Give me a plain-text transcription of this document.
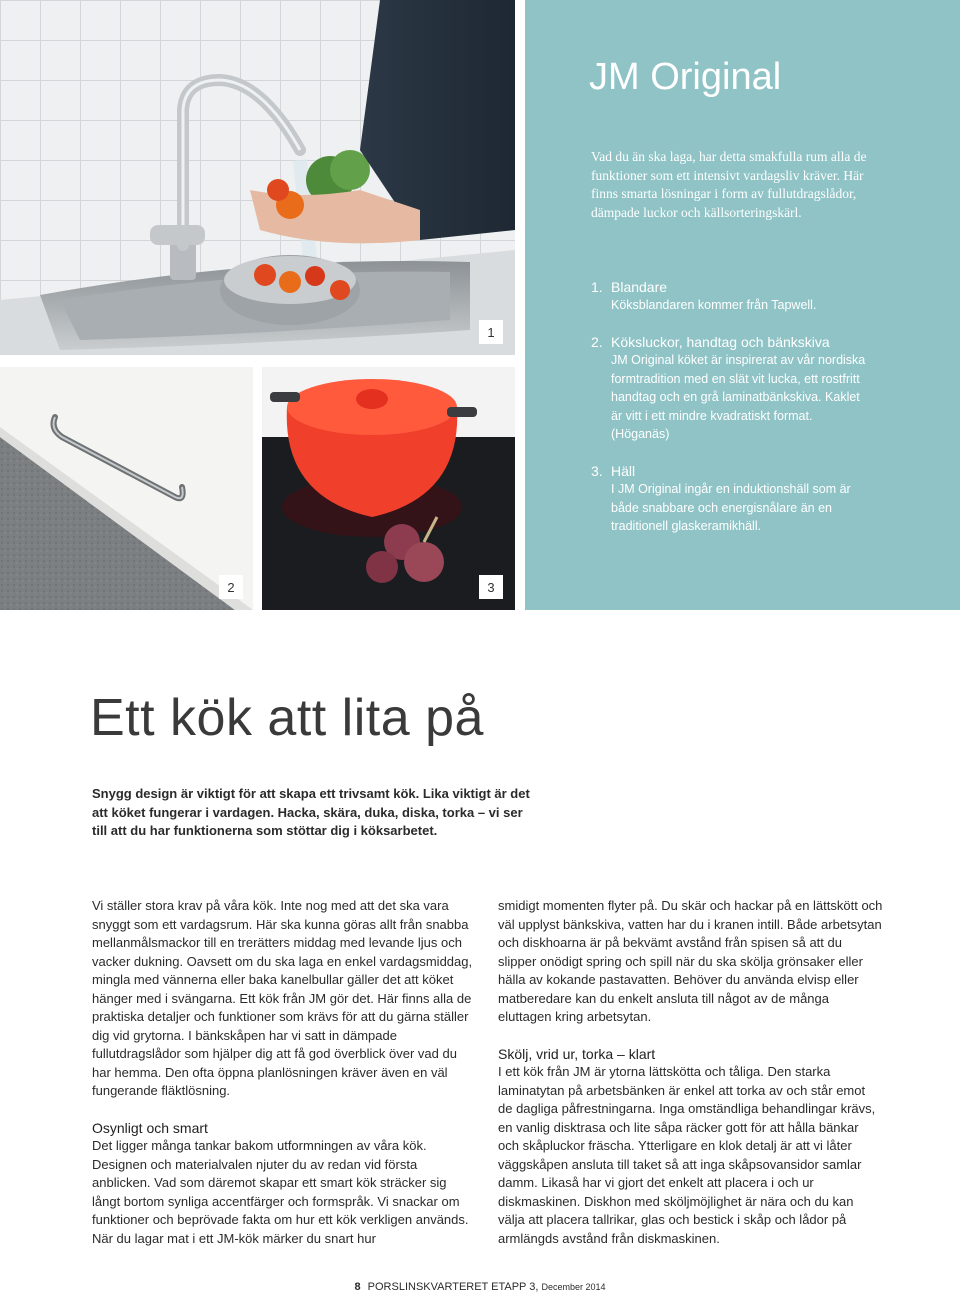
1
2	3
JM Original

Vad du än ska laga, har detta smakfulla rum alla de funktioner som ett intensivt vardagsliv kräver. Här finns smarta lösningar i form av fullutdragslådor, dämpade luckor och källsorteringskärl.

1. Blandare
Köksblandaren kommer från Tapwell.
2. Köksluckor, handtag och bänkskiva
JM Original köket är inspirerat av vår nordiska formtradition med en slät vit lucka, ett rostfritt handtag och en grå laminatbänkskiva. Kaklet är vitt i ett mindre kvadratiskt format. (Höganäs)
3. Häll
I JM Original ingår en induktionshäll som är både snabbare och energisnålare än en traditionell glaskeramikhäll.
Ett kök att lita på

Snygg design är viktigt för att skapa ett trivsamt kök. Lika viktigt är det att köket fungerar i vardagen. Hacka, skära, duka, diska, torka – vi ser till att du har funktionerna som stöttar dig i köksarbetet.

Vi ställer stora krav på våra kök. Inte nog med att det ska vara snyggt som ett vardagsrum. Här ska kunna göras allt från snabba mellanmålsmackor till en trerätters middag med levande ljus och vacker dukning. Oavsett om du ska laga en enkel vardagsmiddag, mingla med vännerna eller baka kanelbullar gäller det att köket hänger med i svängarna. Ett kök från JM gör det. Här finns alla de praktiska detaljer och funktioner som krävs för att du gärna ställer dig vid grytorna. I bänkskåpen har vi satt in dämpade fullutdragslådor som hjälper dig att få god överblick över vad du har hemma. Den ofta öppna planlösningen kräver även en väl fungerande fläktlösning.

Osynligt och smart

Det ligger många tankar bakom utformningen av våra kök. Designen och materialvalen njuter du av redan vid första anblicken. Vad som däremot skapar ett smart kök sträcker sig långt bortom synliga accentfärger och formspråk. Vi snackar om funktioner och beprövade fakta om hur ett kök verkligen används. När du lagar mat i ett JM-kök märker du snart hur

smidigt momenten flyter på. Du skär och hackar på en lättskött och väl upplyst bänkskiva, vatten har du i kranen intill. Både arbetsytan och diskhoarna är på bekvämt avstånd från spisen så att du slipper onödigt spring och spill när du ska skölja grönsaker eller hälla av kokande pastavatten. Behöver du använda elvisp eller matberedare kan du enkelt ansluta till något av de många eluttagen kring arbetsytan.

Skölj, vrid ur, torka – klart

I ett kök från JM är ytorna lättskötta och tåliga. Den starka laminatytan på arbetsbänken är enkel att torka av och står emot de dagliga påfrestningarna. Inga omständliga behandlingar krävs, en vanlig disktrasa och lite såpa räcker gott för att hålla bänkar och skåpluckor fräscha. Ytterligare en klok detalj är att vi låter väggskåpen ansluta till taket så att inga skåpsovansidor samlar damm. Likaså har vi gjort det enkelt att placera i och ur diskmaskinen. Diskhon med sköljmöjlighet är nära och du kan välja att placera tallrikar, glas och bestick i skåp och lådor på armlängds avstånd från diskmaskinen.

8 PORSLINSKVARTERET ETAPP 3, December 2014
